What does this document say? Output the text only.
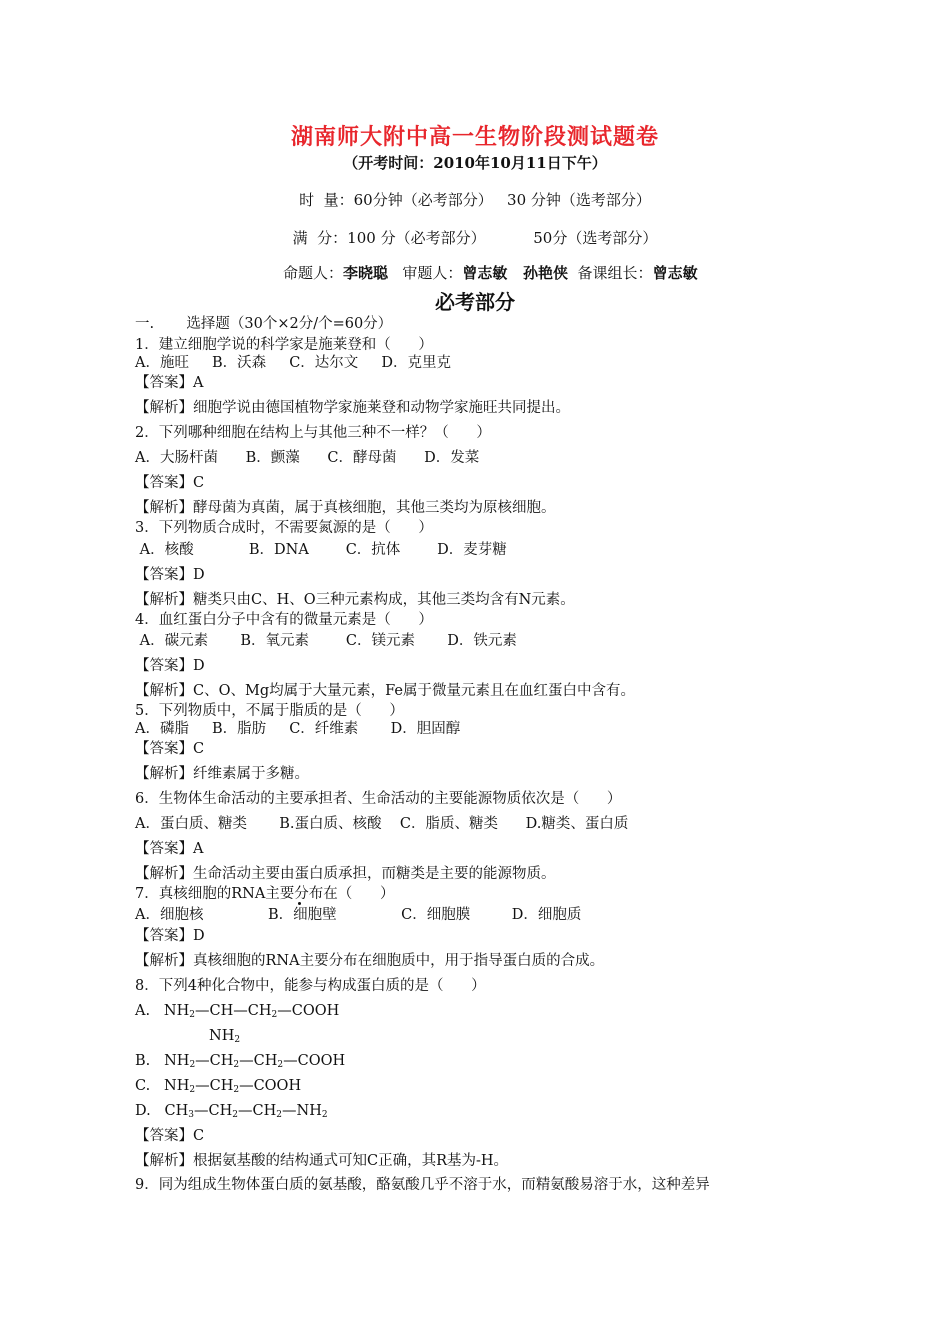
湖南师大附中高一生物阶段测试题卷
（开考时间：2010年10月11日下午）
时  量：60分钟（必考部分）   30 分钟（选考部分）
满  分：100 分（必考部分）          50分（选考部分）
命题人：李晓聪   审题人：曾志敏   孙艳侠  备课组长：曾志敏
必考部分
一.       选择题（30个×2分/个=60分）
1．建立细胞学说的科学家是施莱登和（      ）
A．施旺     B．沃森     C．达尔文     D．克里克
【答案】A
【解析】细胞学说由德国植物学家施莱登和动物学家施旺共同提出。
2．下列哪种细胞在结构上与其他三种不一样？（      ）
A．大肠杆菌      B．颤藻      C．酵母菌      D．发菜
【答案】C
【解析】酵母菌为真菌，属于真核细胞，其他三类均为原核细胞。
3．下列物质合成时，不需要氮源的是（      ）
A．核酸            B．DNA        C．抗体        D．麦芽糖
【答案】D
【解析】糖类只由C、H、O三种元素构成，其他三类均含有N元素。
4．血红蛋白分子中含有的微量元素是（      ）
A．碳元素       B．氧元素        C．镁元素       D．铁元素
【答案】D
【解析】C、O、Mg均属于大量元素，Fe属于微量元素且在血红蛋白中含有。
5．下列物质中，不属于脂质的是（      ）
A．磷脂     B．脂肪     C．纤维素       D．胆固醇
【答案】C
【解析】纤维素属于多糖。
6．生物体生命活动的主要承担者、生命活动的主要能源物质依次是（      ）
A．蛋白质、糖类       B.蛋白质、核酸    C．脂质、糖类      D.糖类、蛋白质
【答案】A
【解析】生命活动主要由蛋白质承担，而糖类是主要的能源物质。
7．真核细胞的RNA主要分布在（      ）
A．细胞核              B．细胞壁              C．细胞膜         D．细胞质
【答案】D
【解析】真核细胞的RNA主要分布在细胞质中，用于指导蛋白质的合成。
8．下列4种化合物中，能参与构成蛋白质的是（      ）
A. $NH_2—CH—CH_2—COOH$
$NH_2$
B. $NH_2—CH_2—CH_2—COOH$
C. $NH_2—CH_2—COOH$
D. $CH_3—CH_2—CH_2—NH_2$
【答案】C
【解析】根据氨基酸的结构通式可知C正确，其R基为-H。
9．同为组成生物体蛋白质的氨基酸，酪氨酸几乎不溶于水，而精氨酸易溶于水，这种差异
